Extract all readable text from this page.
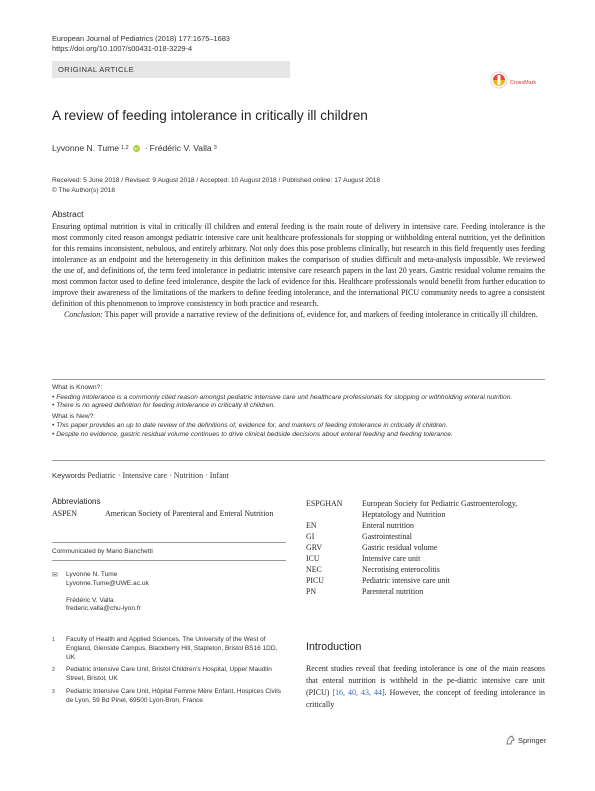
European Journal of Pediatrics (2018) 177:1675–1683
https://doi.org/10.1007/s00431-018-3229-4
ORIGINAL ARTICLE
CrossMark
A review of feeding intolerance in critically ill children
Lyvonne N. Tume 1,2	iD · Frédéric V. Valla 3
Received: 5 June 2018 / Revised: 9 August 2018 / Accepted: 10 August 2018 / Published online: 17 August 2018
© The Author(s) 2018
Abstract

Ensuring optimal nutrition is vital in critically ill children and enteral feeding is the main route of delivery in intensive care. Feeding intolerance is the most commonly cited reason amongst pediatric intensive care unit healthcare professionals for stopping or withholding enteral nutrition, yet the definition for this remains inconsistent, nebulous, and entirely arbitrary. Not only does this pose problems clinically, but research in this field frequently uses feeding intolerance as an endpoint and the heterogeneity in this definition makes the comparison of studies difficult and meta-analysis impossible. We reviewed the use of, and definitions of, the term feed intolerance in pediatric intensive care research papers in the last 20 years. Gastric residual volume remains the most common factor used to define feed intolerance, despite the lack of evidence for this. Healthcare professionals would benefit from further education to improve their awareness of the limitations of the markers to define feeding intolerance, and the international PICU community needs to agree a consistent definition of this phenomenon to improve consistency in both practice and research.

Conclusion: This paper will provide a narrative review of the definitions of, evidence for, and markers of feeding intolerance in critically ill children.

What is Known?:
• Feeding intolerance is a commonly cited reason amongst pediatric intensive care unit healthcare professionals for stopping or withholding enteral nutrition.
• There is no agreed definition for feeding intolerance in critically ill children.
What is New?:
• This paper provides an up to date review of the definitions of, evidence for, and markers of feeding intolerance in critically ill children.
• Despite no evidence, gastric residual volume continues to drive clinical bedside decisions about enteral feeding and feeding tolerance.
Keywords Pediatric · Intensive care · Nutrition · Infant
Abbreviations
ASPEN	American Society of Parenteral and Enteral Nutrition
ESPGHAN	European Society for Pediatric Gastroenterology, Heptatology and Nutrition
EN	Enteral nutrition
GI	Gastrointestinal
GRV	Gastric residual volume
ICU	Intensive care unit
NEC	Necrotising enterocolitis
PICU	Pediatric intensive care unit
PN	Parenteral nutrition
Communicated by Mario Bianchetti
✉ Lyvonne N. Tume
Lyvonne.Tume@UWE.ac.uk
Frédéric V. Valla
frederic.valla@chu-lyon.fr
1	Faculty of Health and Applied Sciences, The University of the West of England, Glenside Campus, Blackberry Hill, Stapleton, Bristol BS16 1DD, UK
2	Pediatric Intensive Care Unit, Bristol Children’s Hospital, Upper Maudlin Street, Bristol, UK
3	Pediatric Intensive Care Unit, Hôpital Femme Mère Enfant, Hospices Civils de Lyon, 59 Bd Pinel, 69500 Lyon-Bron, France
Introduction
Recent studies reveal that feeding intolerance is one of the main reasons that enteral nutrition is withheld in the pe-diatric intensive care unit (PICU) [16, 40, 43, 44]. However, the concept of feeding intolerance in critically
Springer
